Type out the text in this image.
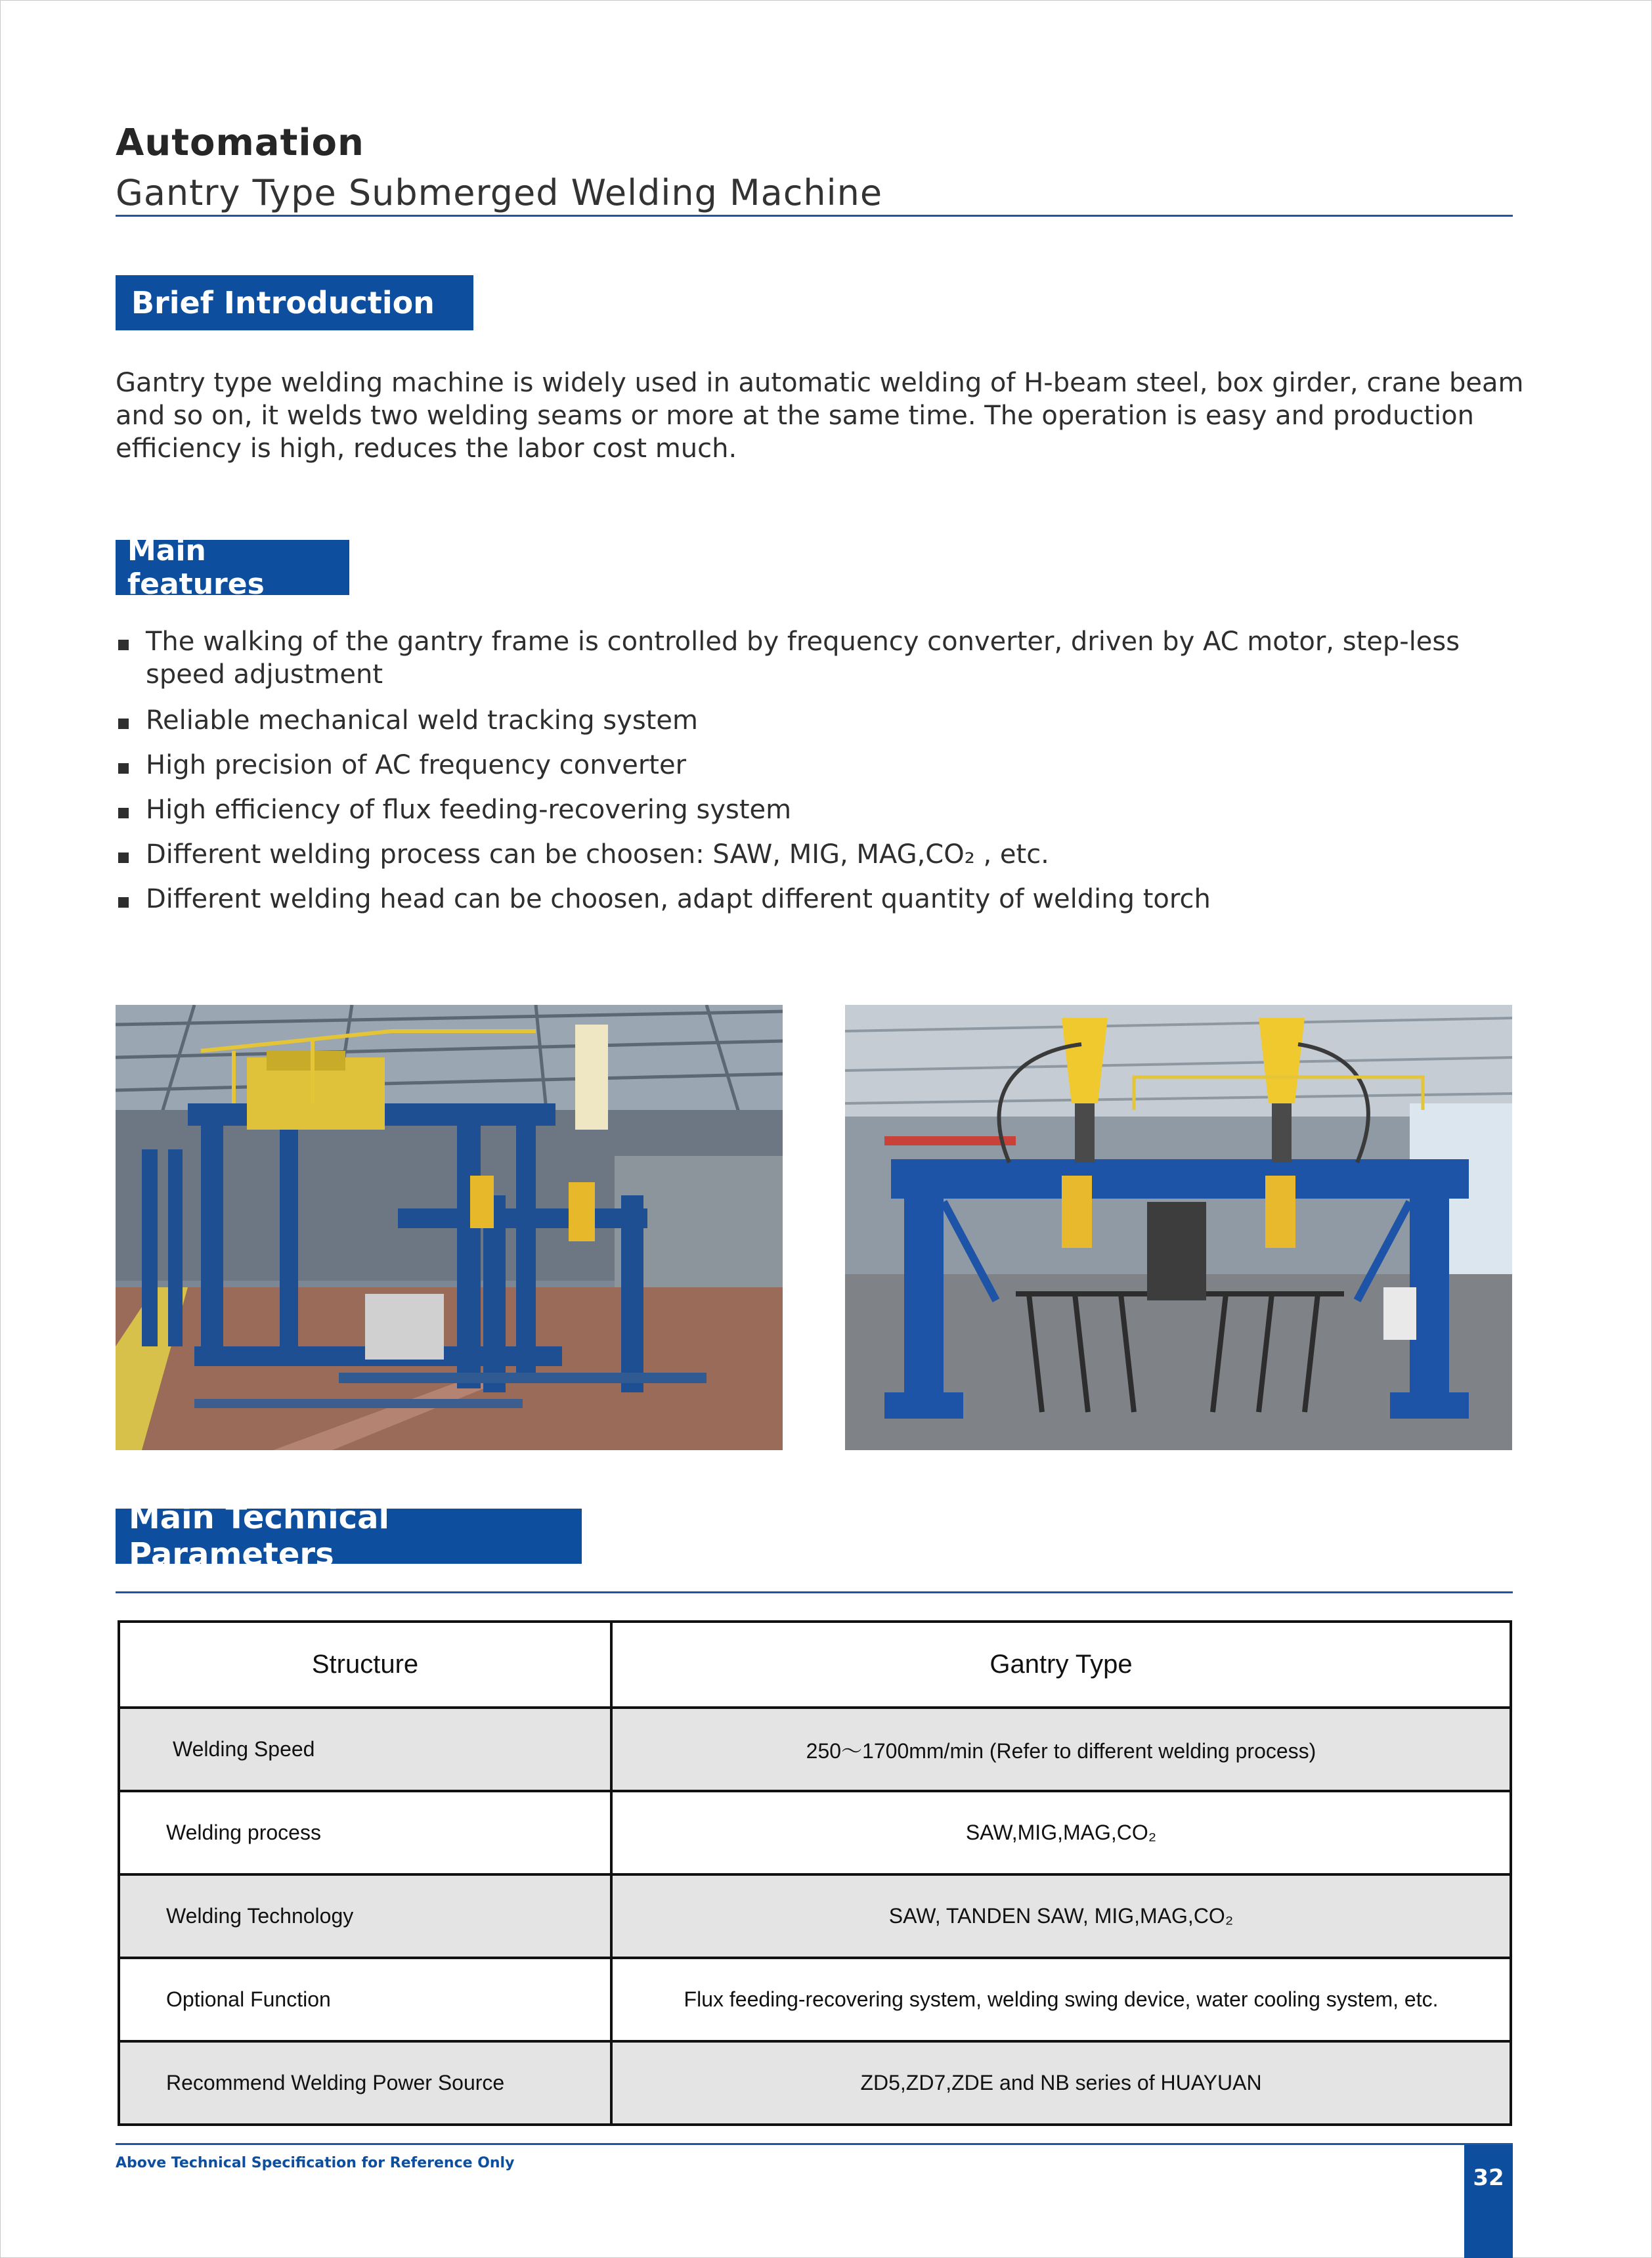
Automation
Gantry Type Submerged Welding Machine
Brief Introduction
Gantry type welding machine is widely used in automatic welding of H-beam steel, box girder, crane beam and so on, it welds two welding seams or more at the same time. The operation is easy and production efficiency is high, reduces the labor cost much.
Main features
The walking of the gantry frame is controlled by frequency converter, driven by AC motor, step-less speed adjustment
Reliable mechanical weld tracking system
High precision of AC frequency converter
High efficiency of flux feeding-recovering system
Different welding process can be choosen: SAW, MIG, MAG,CO₂ , etc.
Different welding head can be choosen, adapt different quantity of welding torch
Main Technical Parameters
Structure	Gantry Type
Welding Speed	250～1700mm/min (Refer to different welding process)
Welding process	SAW,MIG,MAG,CO₂
Welding Technology	SAW, TANDEN SAW, MIG,MAG,CO₂
Optional Function	Flux feeding-recovering system, welding swing device, water cooling system, etc.
Recommend Welding Power Source	ZD5,ZD7,ZDE and NB series of HUAYUAN
Above Technical Specification for Reference Only
32
